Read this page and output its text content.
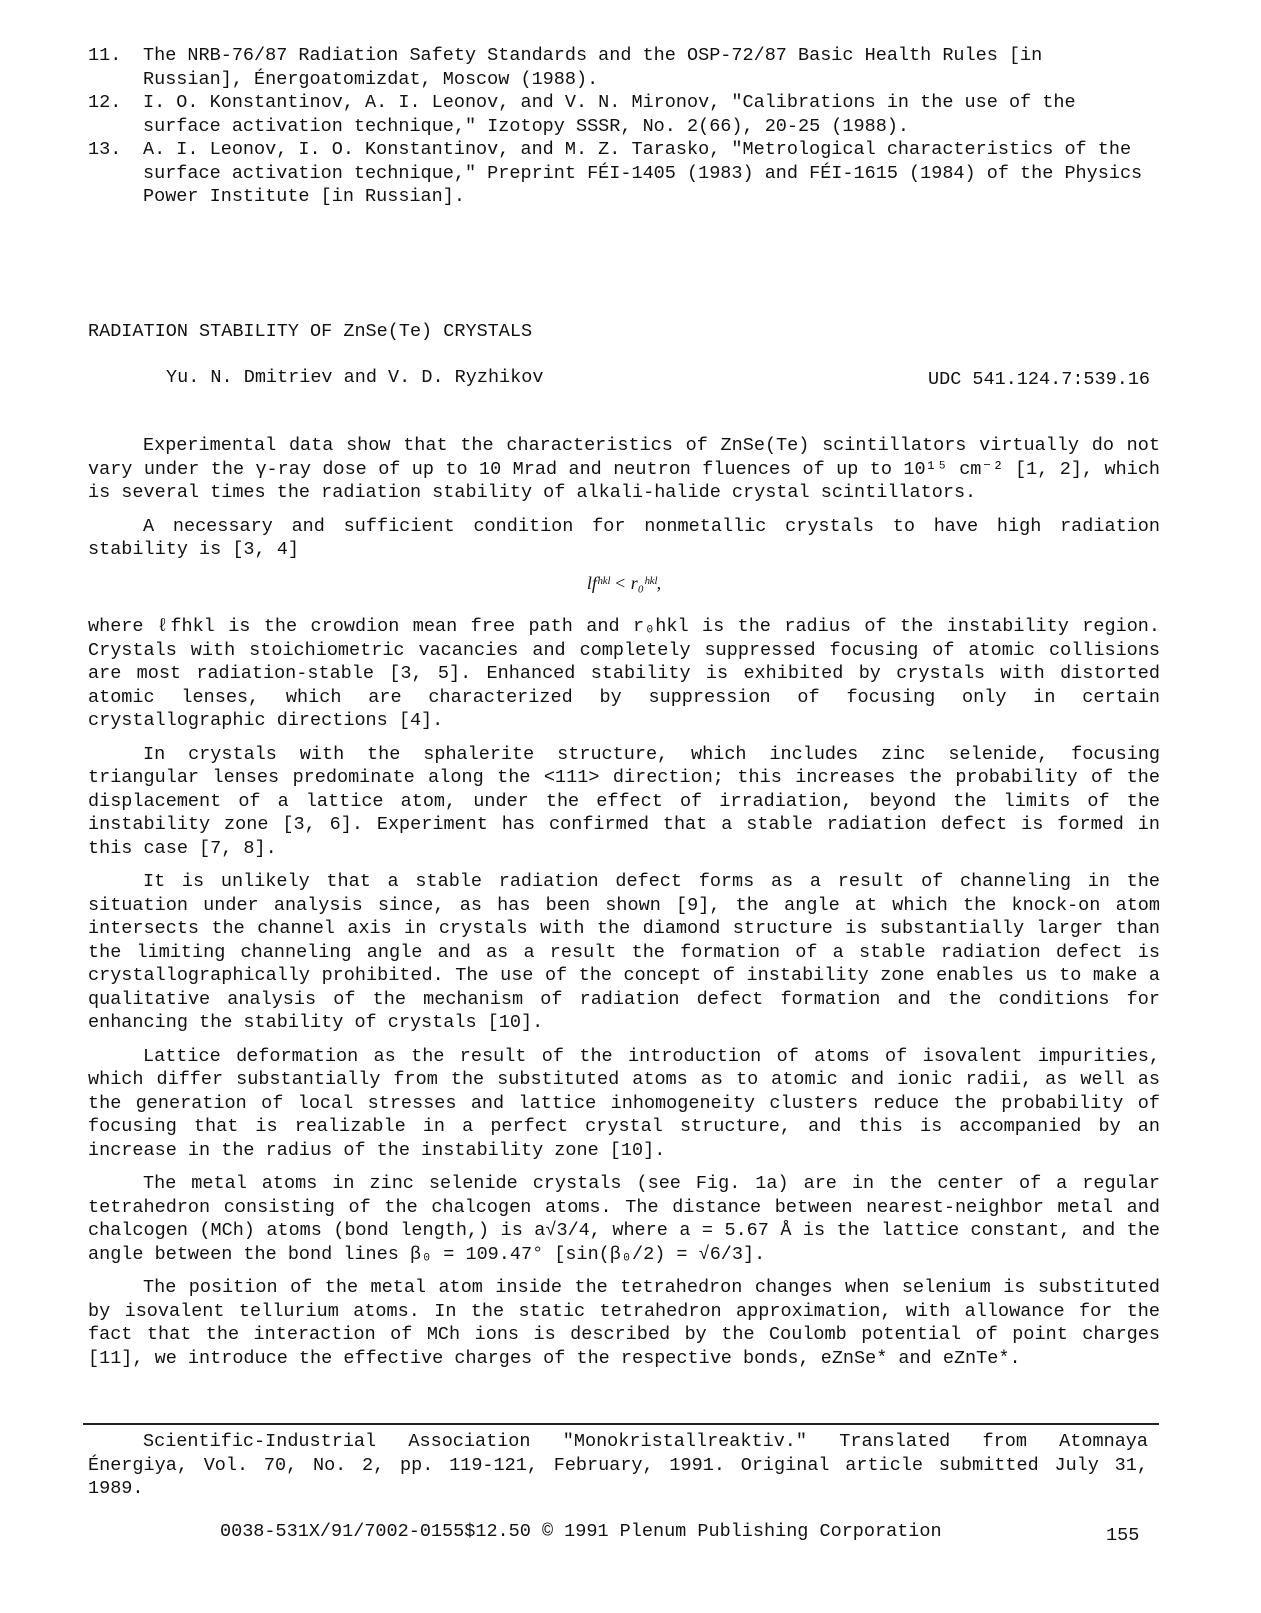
11.	The NRB-76/87 Radiation Safety Standards and the OSP-72/87 Basic Health Rules [in Russian], Énergoatomizdat, Moscow (1988).
12.	I. O. Konstantinov, A. I. Leonov, and V. N. Mironov, "Calibrations in the use of the surface activation technique," Izotopy SSSR, No. 2(66), 20-25 (1988).
13.	A. I. Leonov, I. O. Konstantinov, and M. Z. Tarasko, "Metrological characteristics of the surface activation technique," Preprint FÉI-1405 (1983) and FÉI-1615 (1984) of the Physics Power Institute [in Russian].
RADIATION STABILITY OF ZnSe(Te) CRYSTALS
Yu. N. Dmitriev and V. D. Ryzhikov	UDC 541.124.7:539.16

Experimental data show that the characteristics of ZnSe(Te) scintillators virtually do not vary under the γ-ray dose of up to 10 Mrad and neutron fluences of up to 10¹⁵ cm⁻² [1, 2], which is several times the radiation stability of alkali-halide crystal scintillators.

A necessary and sufficient condition for nonmetallic crystals to have high radiation stability is [3, 4]

lfʰᵏˡ < r₀ʰᵏˡ,

where ℓfhkl is the crowdion mean free path and r₀hkl is the radius of the instability region. Crystals with stoichiometric vacancies and completely suppressed focusing of atomic collisions are most radiation-stable [3, 5]. Enhanced stability is exhibited by crystals with distorted atomic lenses, which are characterized by suppression of focusing only in certain crystallographic directions [4].

In crystals with the sphalerite structure, which includes zinc selenide, focusing triangular lenses predominate along the <111> direction; this increases the probability of the displacement of a lattice atom, under the effect of irradiation, beyond the limits of the instability zone [3, 6]. Experiment has confirmed that a stable radiation defect is formed in this case [7, 8].

It is unlikely that a stable radiation defect forms as a result of channeling in the situation under analysis since, as has been shown [9], the angle at which the knock-on atom intersects the channel axis in crystals with the diamond structure is substantially larger than the limiting channeling angle and as a result the formation of a stable radiation defect is crystallographically prohibited. The use of the concept of instability zone enables us to make a qualitative analysis of the mechanism of radiation defect formation and the conditions for enhancing the stability of crystals [10].

Lattice deformation as the result of the introduction of atoms of isovalent impurities, which differ substantially from the substituted atoms as to atomic and ionic radii, as well as the generation of local stresses and lattice inhomogeneity clusters reduce the probability of focusing that is realizable in a perfect crystal structure, and this is accompanied by an increase in the radius of the instability zone [10].

The metal atoms in zinc selenide crystals (see Fig. 1a) are in the center of a regular tetrahedron consisting of the chalcogen atoms. The distance between nearest-neighbor metal and chalcogen (MCh) atoms (bond length,) is a√3/4, where a = 5.67 Å is the lattice constant, and the angle between the bond lines β₀ = 109.47° [sin(β₀/2) = √6/3].

The position of the metal atom inside the tetrahedron changes when selenium is substituted by isovalent tellurium atoms. In the static tetrahedron approximation, with allowance for the fact that the interaction of MCh ions is described by the Coulomb potential of point charges [11], we introduce the effective charges of the respective bonds, eZnSe* and eZnTe*.

Scientific-Industrial Association "Monokristallreaktiv." Translated from Atomnaya Énergiya, Vol. 70, No. 2, pp. 119-121, February, 1991. Original article submitted July 31, 1989.

0038-531X/91/7002-0155$12.50 © 1991 Plenum Publishing Corporation	155
